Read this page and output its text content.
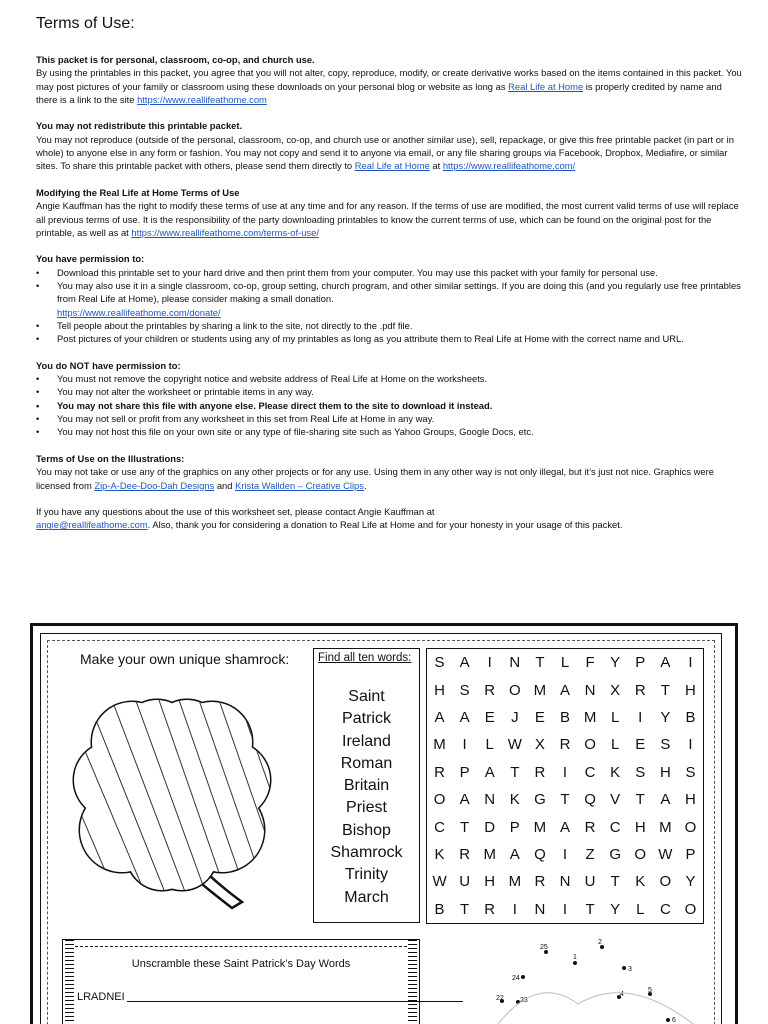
Terms of Use:
This packet is for personal, classroom, co-op, and church use.
By using the printables in this packet, you agree that you will not alter, copy, reproduce, modify, or create derivative works based on the items contained in this packet. You may post pictures of your family or classroom using these downloads on your personal blog or website as long as Real Life at Home is properly credited by name and there is a link to the site https://www.reallifeathome.com
You may not redistribute this printable packet.
You may not reproduce (outside of the personal, classroom, co-op, and church use or another similar use), sell, repackage, or give this free printable packet (in part or in whole) to anyone else in any form or fashion. You may not copy and send it to anyone via email, or any file sharing groups via Facebook, Dropbox, Mediafire, or similar sites. To share this printable packet with others, please send them directly to Real Life at Home at https://www.reallifeathome.com/
Modifying the Real Life at Home Terms of Use
Angie Kauffman has the right to modify these terms of use at any time and for any reason. If the terms of use are modified, the most current valid terms of use will replace all previous terms of use. It is the responsibility of the party downloading printables to know the current terms of use, which can be found on the original post for the printable, as well as at https://www.reallifeathome.com/terms-of-use/
You have permission to:
• Download this printable set to your hard drive and then print them from your computer. You may use this packet with your family for personal use.
• You may also use it in a single classroom, co-op, group setting, church program, and other similar settings. If you are doing this (and you regularly use free printables from Real Life at Home), please consider making a small donation.
https://www.reallifeathome.com/donate/
• Tell people about the printables by sharing a link to the site, not directly to the .pdf file.
• Post pictures of your children or students using any of my printables as long as you attribute them to Real Life at Home with the correct name and URL.
You do NOT have permission to:
• You must not remove the copyright notice and website address of Real Life at Home on the worksheets.
• You may not alter the worksheet or printable items in any way.
• You may not share this file with anyone else. Please direct them to the site to download it instead.
• You may not sell or profit from any worksheet in this set from Real Life at Home in any way.
• You may not host this file on your own site or any type of file-sharing site such as Yahoo Groups, Google Docs, etc.
Terms of Use on the Illustrations:
You may not take or use any of the graphics on any other projects or for any use. Using them in any other way is not only illegal, but it’s just not nice. Graphics were licensed from Zip-A-Dee-Doo-Dah Designs and Krista Wallden – Creative Clips.
If you have any questions about the use of this worksheet set, please contact Angie Kauffman at
angie@reallifeathome.com. Also, thank you for considering a donation to Real Life at Home and for your honesty in your usage of this packet.
Make your own unique shamrock: Find all ten words:
Saint
Patrick
Ireland
Roman
Britain
Priest
Bishop
Shamrock
Trinity
March
S	A	I	N	T	L	F	Y	P	A	I
H S R O M A N X R	T	H
A	A	E	J	E	B M L	I	Y	B
M	I	L W X R O	L	E	S	I
R P	A	T	R	I	C K	S H S
O A N K G T Q V	T	A H
C	T	D P M A R C H M O
K R M A Q	I	Z G O W P
W U H M R N U	T	K O Y
B	T	R	I	N	I	T	Y	L	C O
Unscramble these Saint Patrick’s Day Words
LRADNEI
25
2
1
3
24
22 23
4
5
6
